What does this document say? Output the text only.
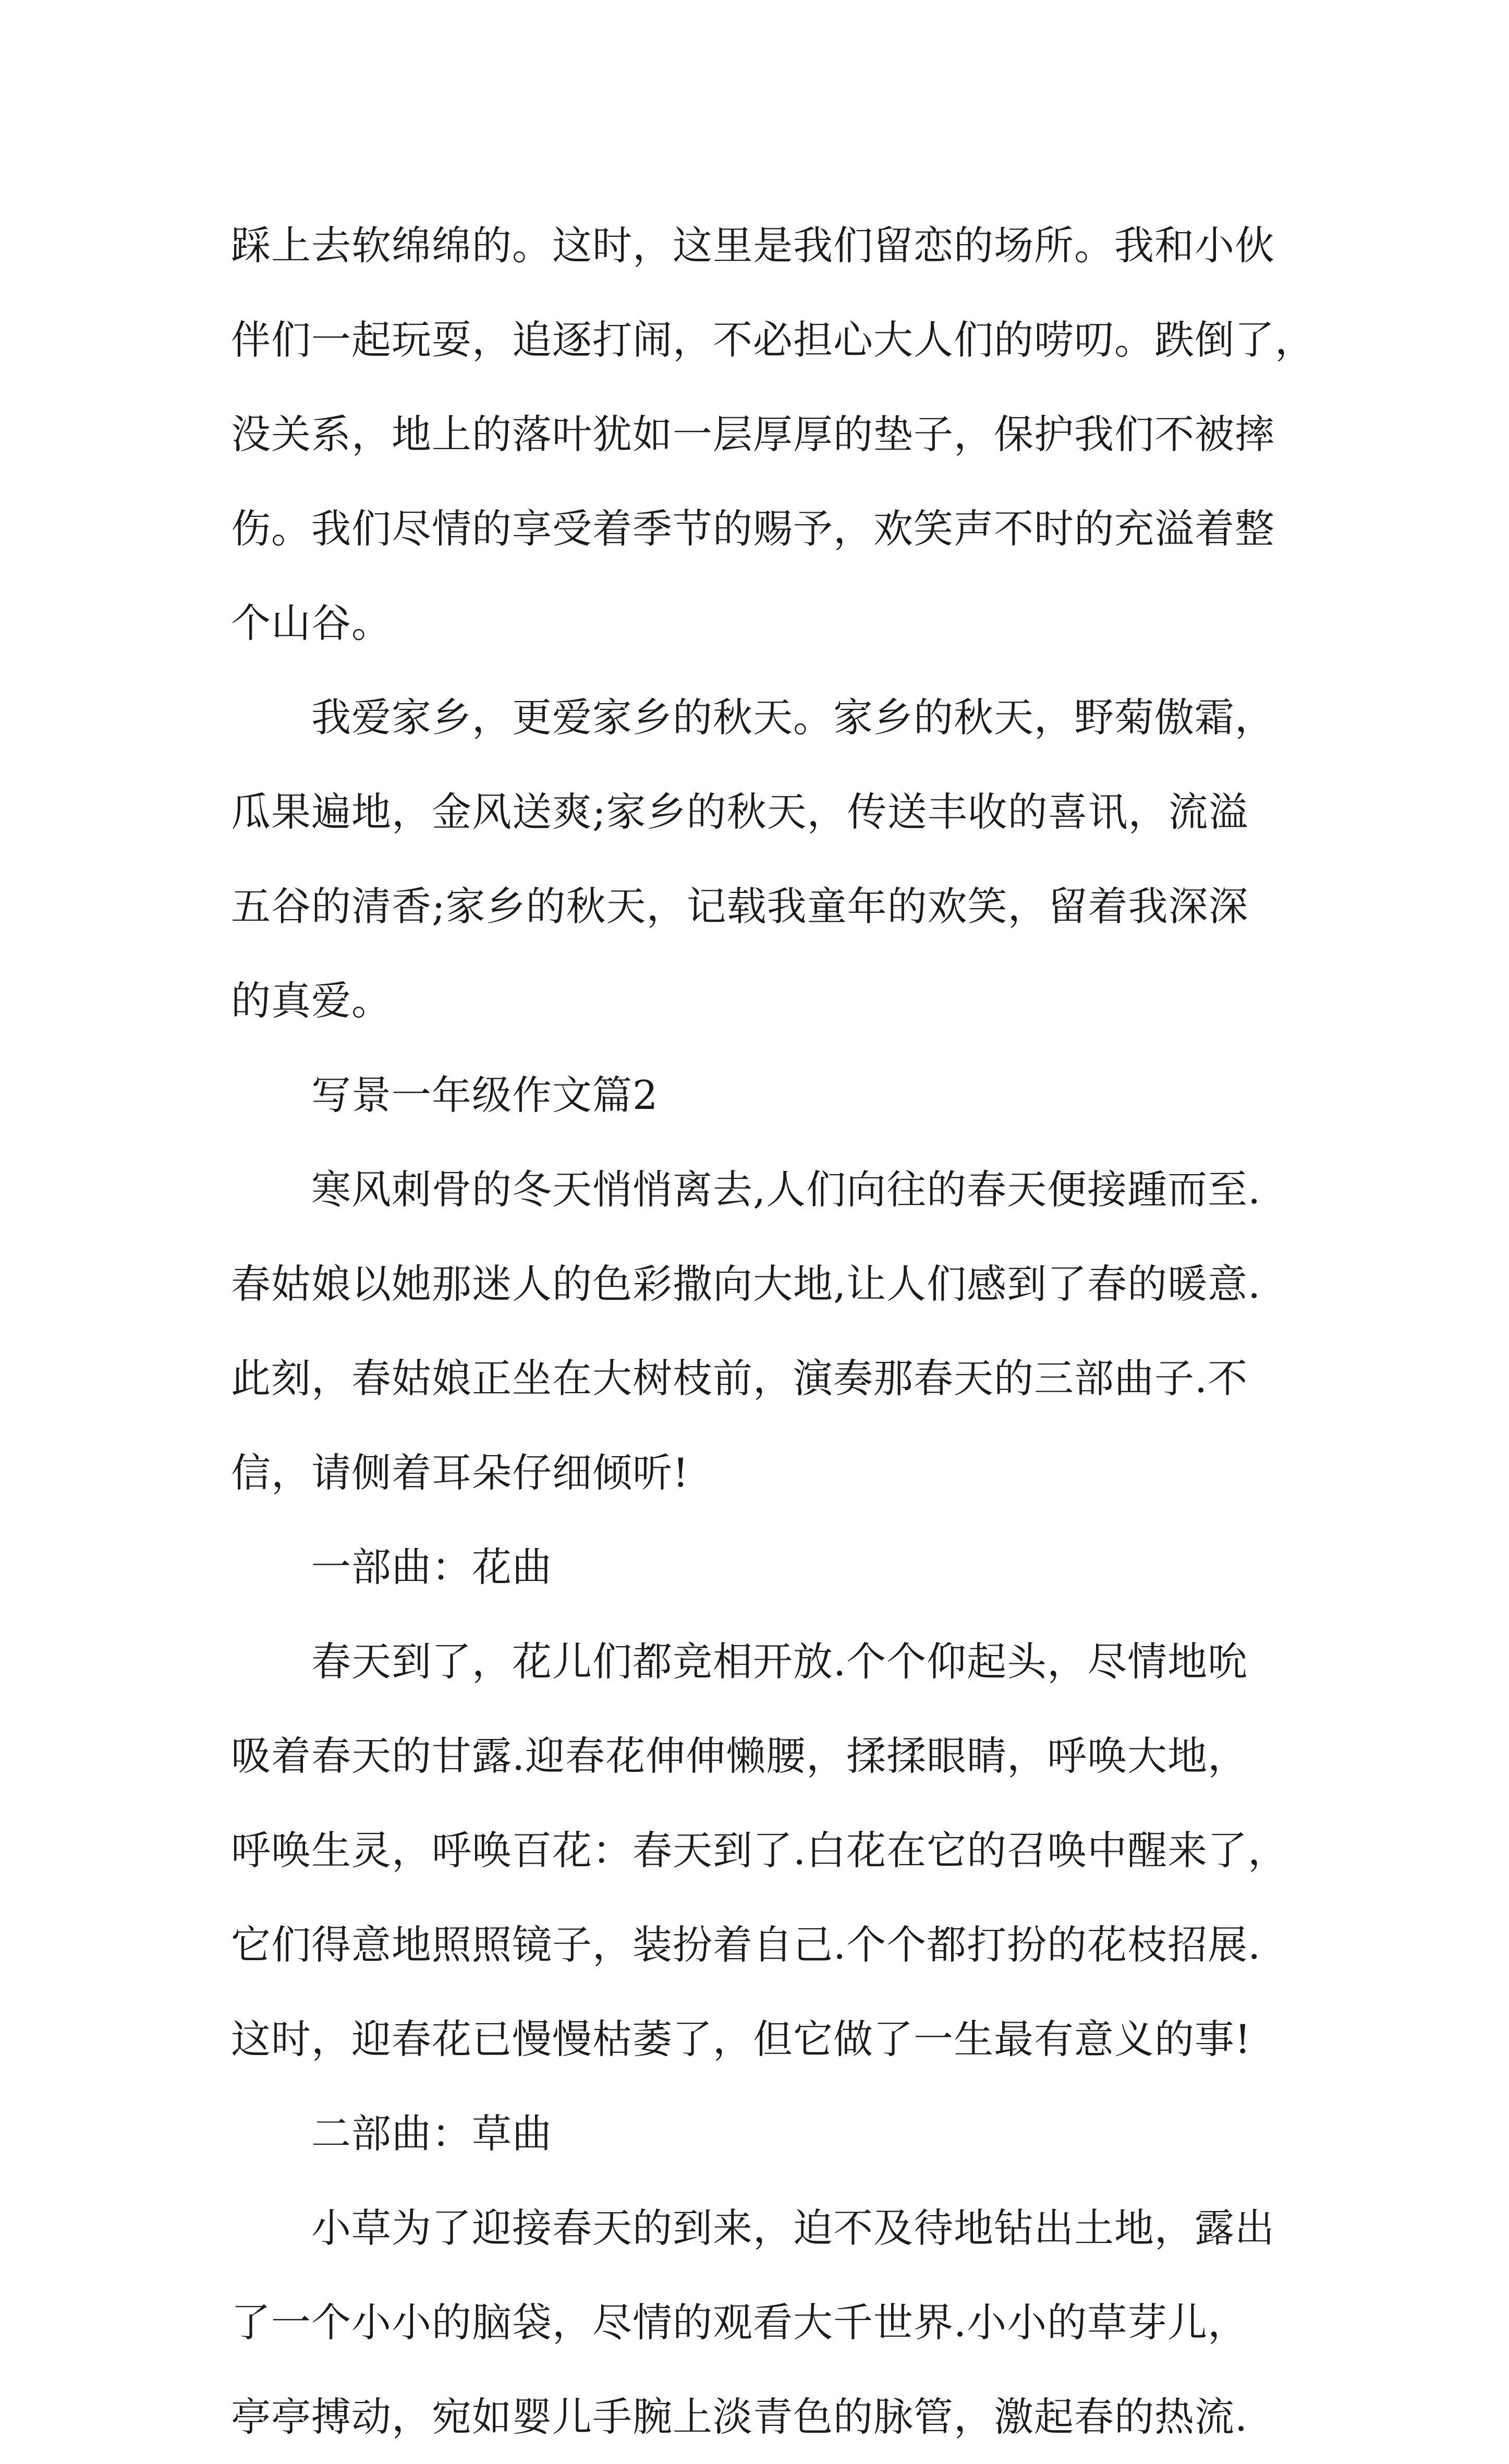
踩上去软绵绵的。这时，这里是我们留恋的场所。我和小伙
伴们一起玩耍，追逐打闹，不必担心大人们的唠叨。跌倒了，
没关系，地上的落叶犹如一层厚厚的垫子，保护我们不被摔
伤。我们尽情的享受着季节的赐予，欢笑声不时的充溢着整
个山谷。
我爱家乡，更爱家乡的秋天。家乡的秋天，野菊傲霜，
瓜果遍地，金风送爽;家乡的秋天，传送丰收的喜讯，流溢
五谷的清香;家乡的秋天，记载我童年的欢笑，留着我深深
的真爱。
写景一年级作文篇2
寒风刺骨的冬天悄悄离去,人们向往的春天便接踵而至.
春姑娘以她那迷人的色彩撒向大地,让人们感到了春的暖意.
此刻，春姑娘正坐在大树枝前，演奏那春天的三部曲子.不
信，请侧着耳朵仔细倾听!
一部曲：花曲
春天到了，花儿们都竞相开放.个个仰起头，尽情地吮
吸着春天的甘露.迎春花伸伸懒腰，揉揉眼睛，呼唤大地，
呼唤生灵，呼唤百花：春天到了.白花在它的召唤中醒来了，
它们得意地照照镜子，装扮着自己.个个都打扮的花枝招展.
这时，迎春花已慢慢枯萎了，但它做了一生最有意义的事!
二部曲：草曲
小草为了迎接春天的到来，迫不及待地钻出土地，露出
了一个小小的脑袋，尽情的观看大千世界.小小的草芽儿，
亭亭搏动，宛如婴儿手腕上淡青色的脉管，激起春的热流.
